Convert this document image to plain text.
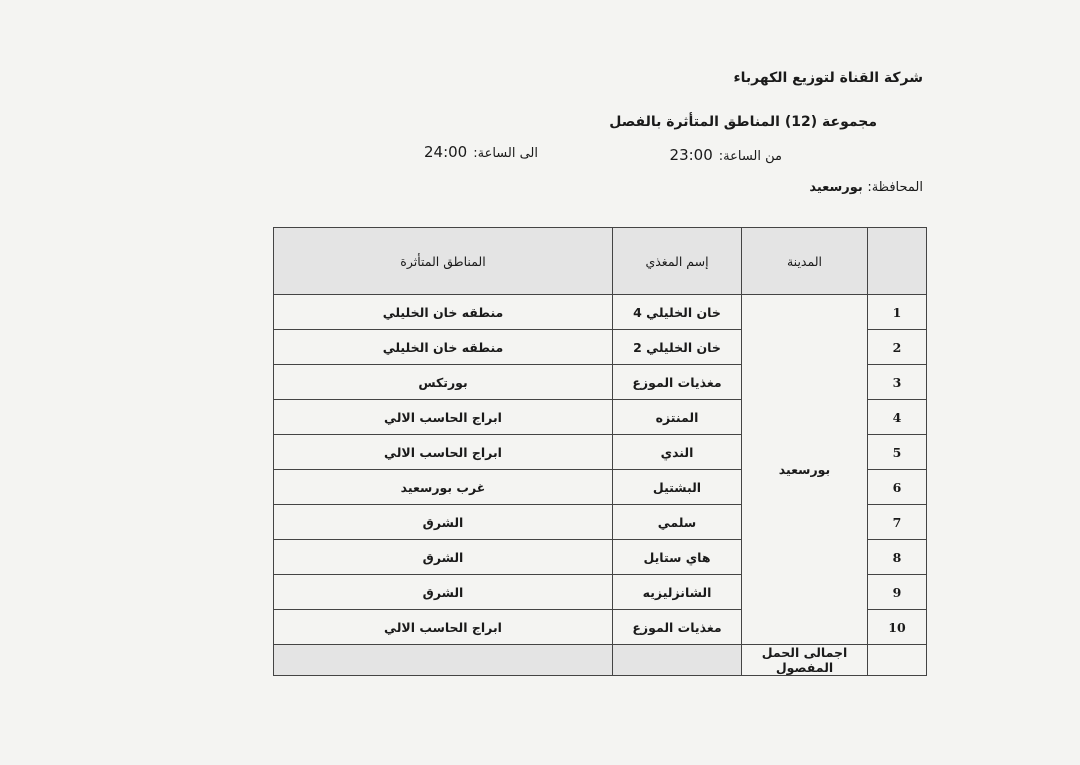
شركة القناة لتوزيع الكهرباء
مجموعة (12) المناطق المتأثرة بالفصل
من الساعة:23:00
الى الساعة:24:00
المحافظة: بورسعيد
	المدينة	إسم المغذي	المناطق المتأثرة
1	بورسعيد	خان الخليلي 4	منطقه خان الخليلي
2		خان الخليلي 2	منطقه خان الخليلي
3		مغذيات الموزع	بورتكس
4		المنتزه	ابراج الحاسب الالي
5		الندي	ابراج الحاسب الالي
6		البشتيل	غرب بورسعيد
7		سلمي	الشرق
8		هاي ستايل	الشرق
9		الشانزليزيه	الشرق
10		مغذيات الموزع	ابراج الحاسب الالي
	اجمالى الحمل المفصول		
